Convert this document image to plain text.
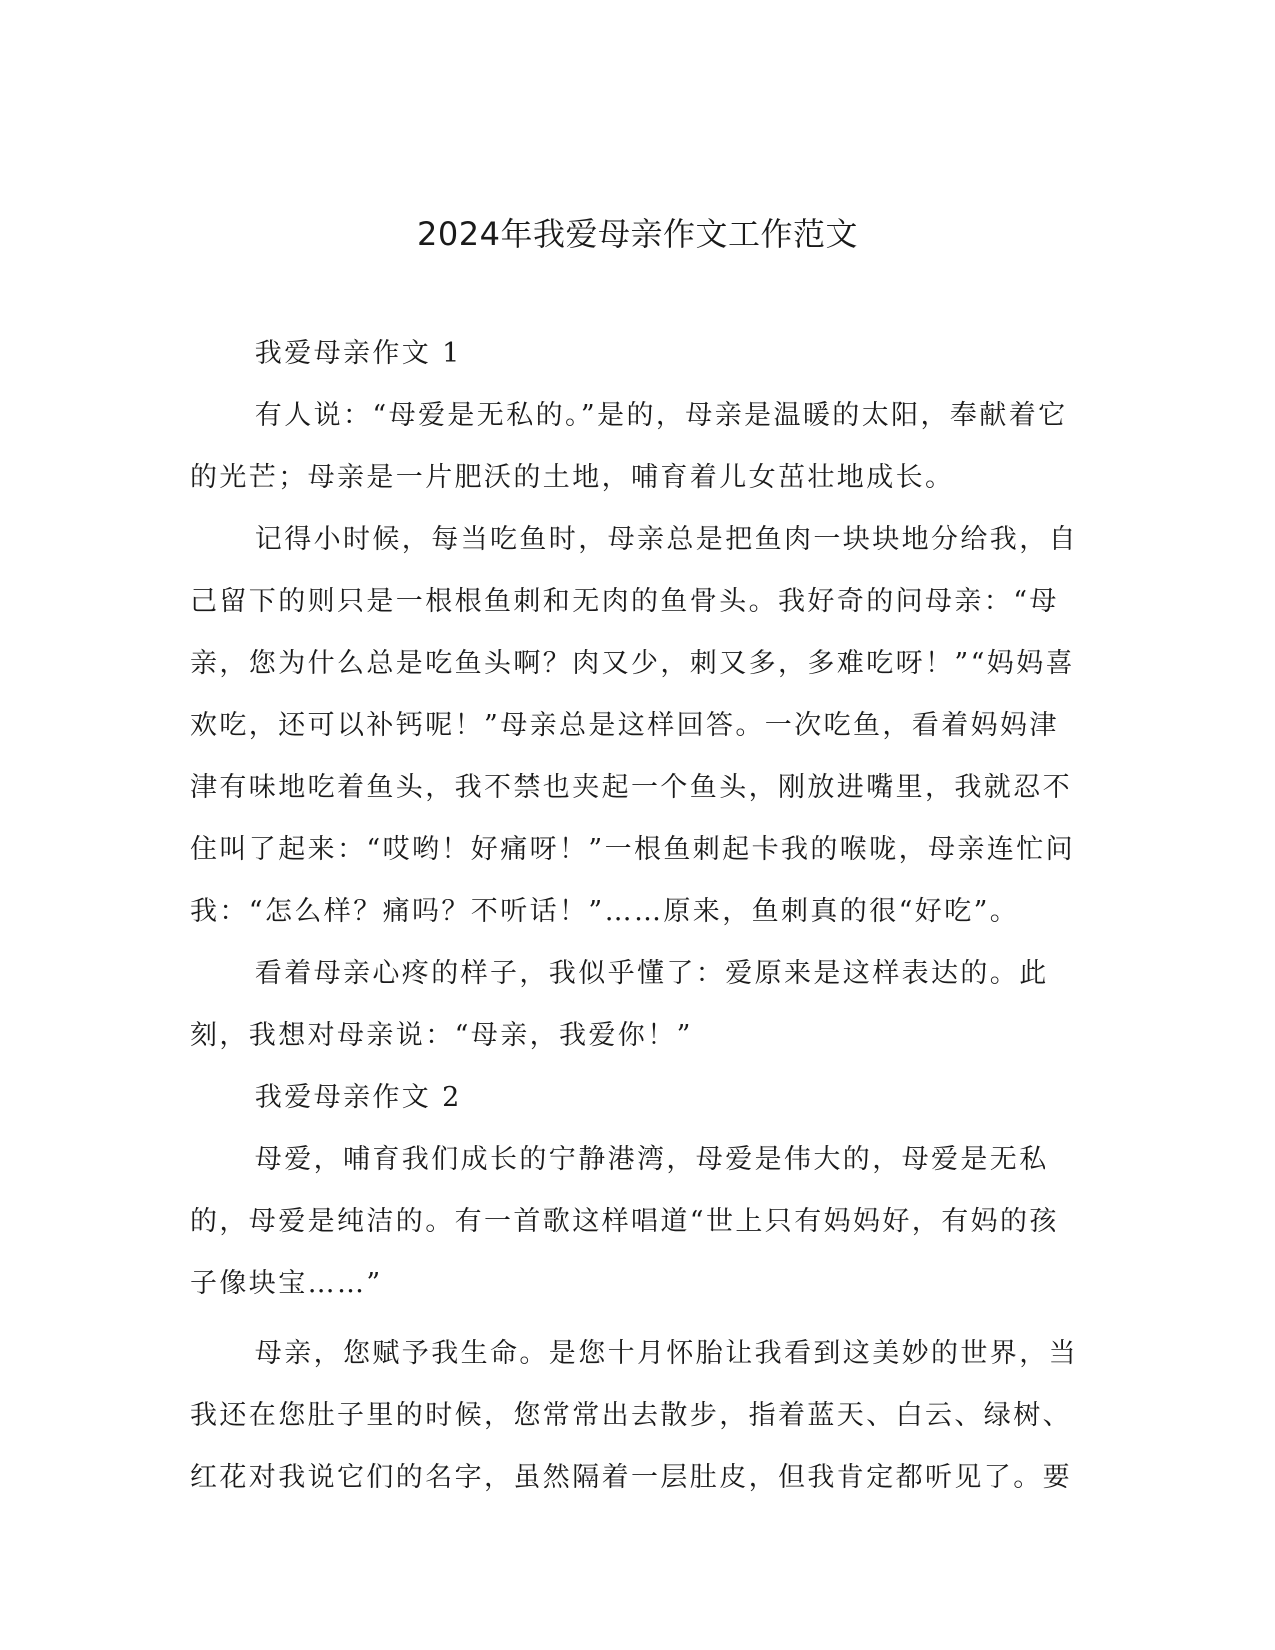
2024年我爱母亲作文工作范文

我爱母亲作文 1

有人说：“母爱是无私的。”是的，母亲是温暖的太阳，奉献着它的光芒；母亲是一片肥沃的土地，哺育着儿女茁壮地成长。

记得小时候，每当吃鱼时，母亲总是把鱼肉一块块地分给我，自己留下的则只是一根根鱼刺和无肉的鱼骨头。我好奇的问母亲：“母亲，您为什么总是吃鱼头啊？肉又少，刺又多，多难吃呀！”“妈妈喜欢吃，还可以补钙呢！”母亲总是这样回答。一次吃鱼，看着妈妈津津有味地吃着鱼头，我不禁也夹起一个鱼头，刚放进嘴里，我就忍不住叫了起来：“哎哟！好痛呀！”一根鱼刺起卡我的喉咙，母亲连忙问我：“怎么样？痛吗？不听话！”……原来，鱼刺真的很“好吃”。

看着母亲心疼的样子，我似乎懂了：爱原来是这样表达的。此刻，我想对母亲说：“母亲，我爱你！”

我爱母亲作文 2

母爱，哺育我们成长的宁静港湾，母爱是伟大的，母爱是无私的，母爱是纯洁的。有一首歌这样唱道“世上只有妈妈好，有妈的孩子像块宝……”

母亲，您赋予我生命。是您十月怀胎让我看到这美妙的世界，当我还在您肚子里的时候，您常常出去散步，指着蓝天、白云、绿树、红花对我说它们的名字，虽然隔着一层肚皮，但我肯定都听见了。要
